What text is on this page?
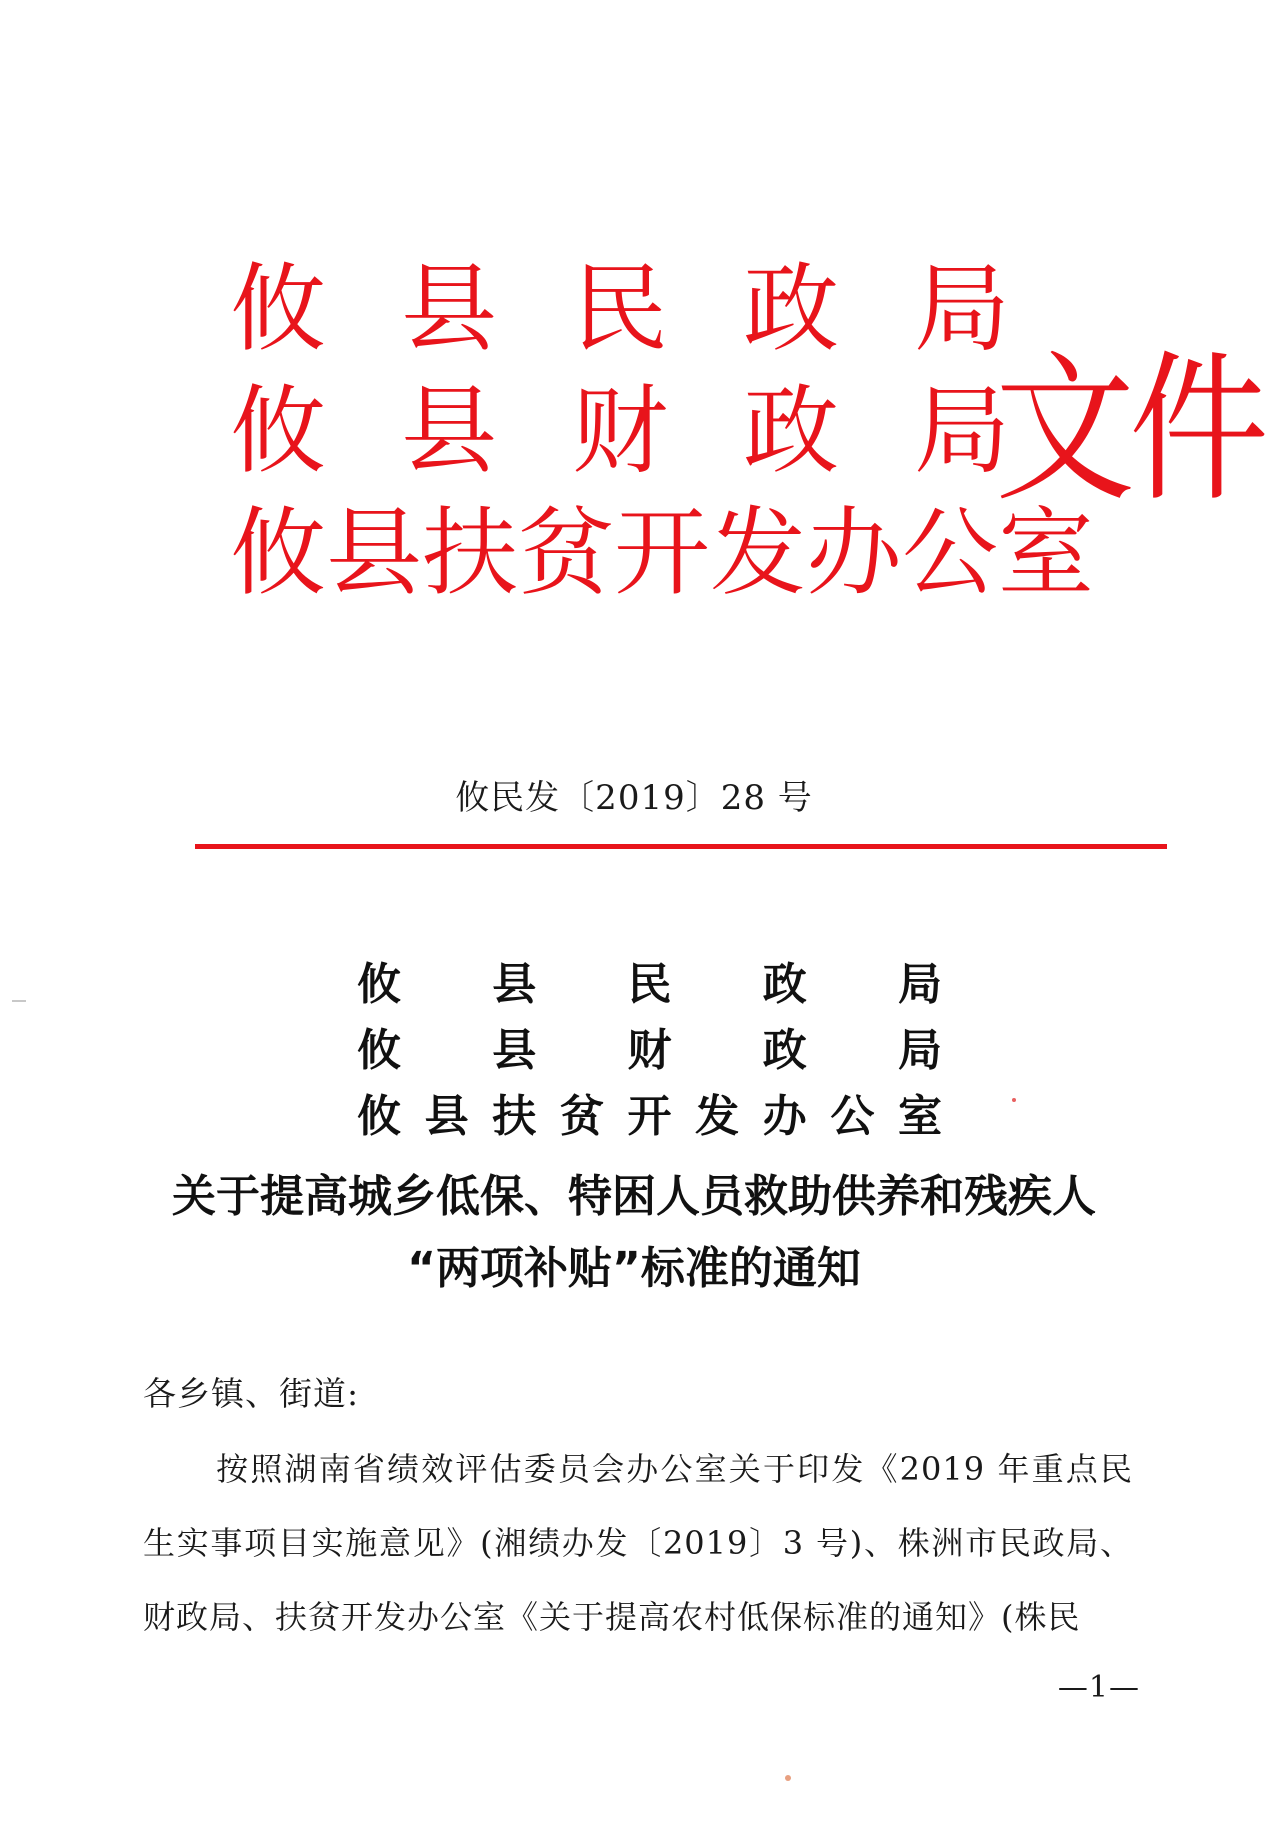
攸 县 民 政 局
攸 县 财 政 局
攸 县 扶 贫 开 发 办 公 室
文件
攸民发〔2019〕28 号
攸 县 民 政 局
攸 县 财 政 局
攸 县 扶 贫 开 发 办 公 室
关于提高城乡低保、特困人员救助供养和残疾人
“两项补贴”标准的通知
各乡镇、街道:
按照湖南省绩效评估委员会办公室关于印发《2019 年重点民生实事项目实施意见》(湘绩办发〔2019〕3 号)、株洲市民政局、财政局、扶贫开发办公室《关于提高农村低保标准的通知》(株民
—1—
